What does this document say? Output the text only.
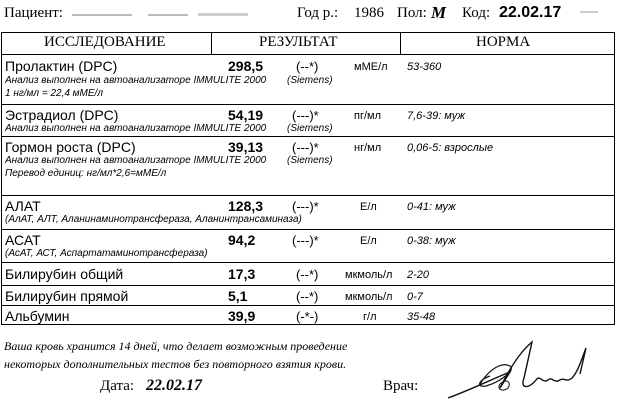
Пациент:	Год р.: 1986 Пол: М Код: 22.02.17
ИССЛЕДОВАНИЕ	РЕЗУЛЬТАТ	НОРМА
Пролактин (DPC)	298,5	(--*)	мМЕ/л 53-360
Анализ выполнен на автоанализаторе IMMULITE 2000 (Siemens)
1 нг/мл = 22,4 мМЕ/л
Эстрадиол (DPC)	54,19 (---)*	пг/мл 7,6-39: муж
Анализ выполнен на автоанализаторе IMMULITE 2000 (Siemens)
Гормон роста (DPC)	39,13 (---)*	нг/мл 0,06-5: взрослые
Анализ выполнен на автоанализаторе IMMULITE 2000 (Siemens)
Перевод единиц: нг/мл*2,6=мМЕ/л
АЛАТ	128,3 (---)*	Е/л	0-41: муж
(АлАТ, АЛТ, Аланинаминотрансфераза, Аланинтрансаминаза)
АСАТ	94,2	(---)*	Е/л	0-38: муж
(АсАТ, АСТ, Аспартатаминотрансфераза)
Билирубин общий	17,3	(--*) мкмоль/л 2-20
Билирубин прямой	5,1	(--*) мкмоль/л 0-7
Альбумин	39,9	(-*-)	г/л	35-48
Ваша кровь хранится 14 дней, что делает возможным проведение
некоторых дополнительных тестов без повторного взятия крови.
Дата: 22.02.17	Врач:
